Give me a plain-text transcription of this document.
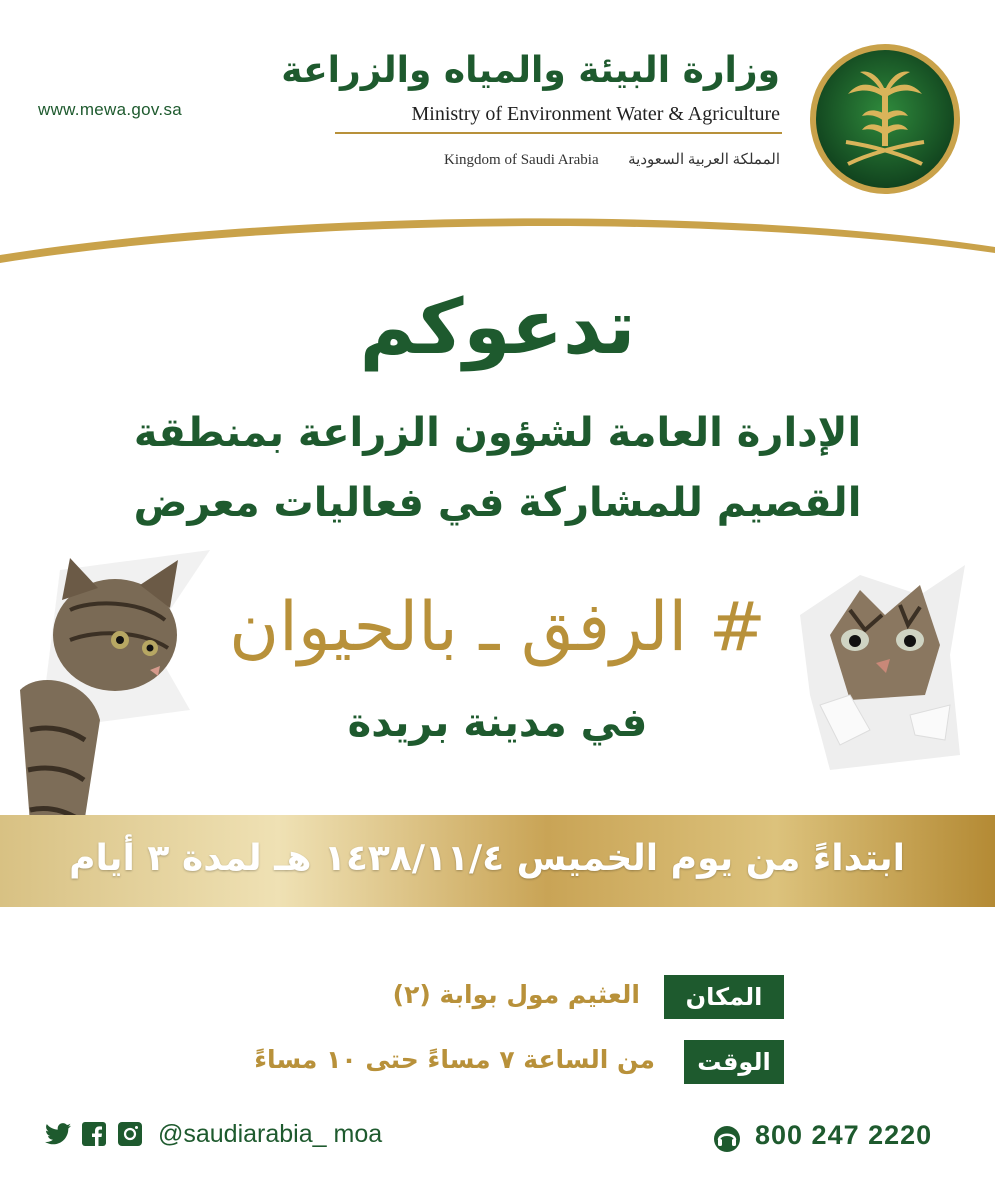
www.mewa.gov.sa
وزارة البيئة والمياه والزراعة
Ministry of Environment Water & Agriculture
Kingdom of Saudi Arabia المملكة العربية السعودية
تدعوكم
الإدارة العامة لشؤون الزراعة بمنطقة
القصيم للمشاركة في فعاليات معرض
# الرفق ـ بالحيوان
في مدينة بريدة
ابتداءً من يوم الخميس ١٤٣٨/١١/٤ هـ لمدة ٣ أيام
المكان
العثيم مول بوابة (٢)
الوقت
من الساعة ٧ مساءً حتى ١٠ مساءً
@saudiarabia_ moa	800 247 2220
